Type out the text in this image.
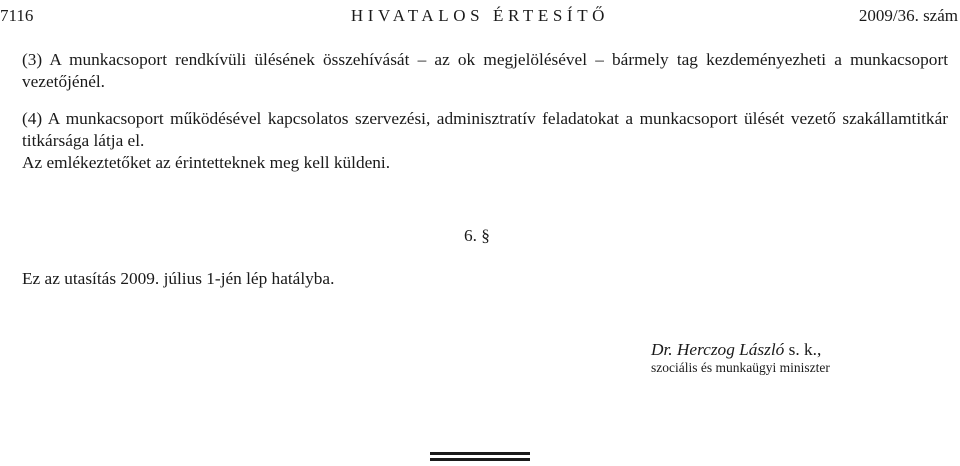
7116	HIVATALOS ÉRTESÍTŐ	2009/36. szám
(3) A munkacsoport rendkívüli ülésének összehívását – az ok megjelölésével – bármely tag kezdeményezheti a munkacsoport vezetőjénél.
(4) A munkacsoport működésével kapcsolatos szervezési, adminisztratív feladatokat a munkacsoport ülését vezető szakállamtitkár titkársága látja el.
Az emlékeztetőket az érintetteknek meg kell küldeni.
6. §
Ez az utasítás 2009. július 1-jén lép hatályba.
Dr. Herczog László s. k.,
szociális és munkaügyi miniszter
